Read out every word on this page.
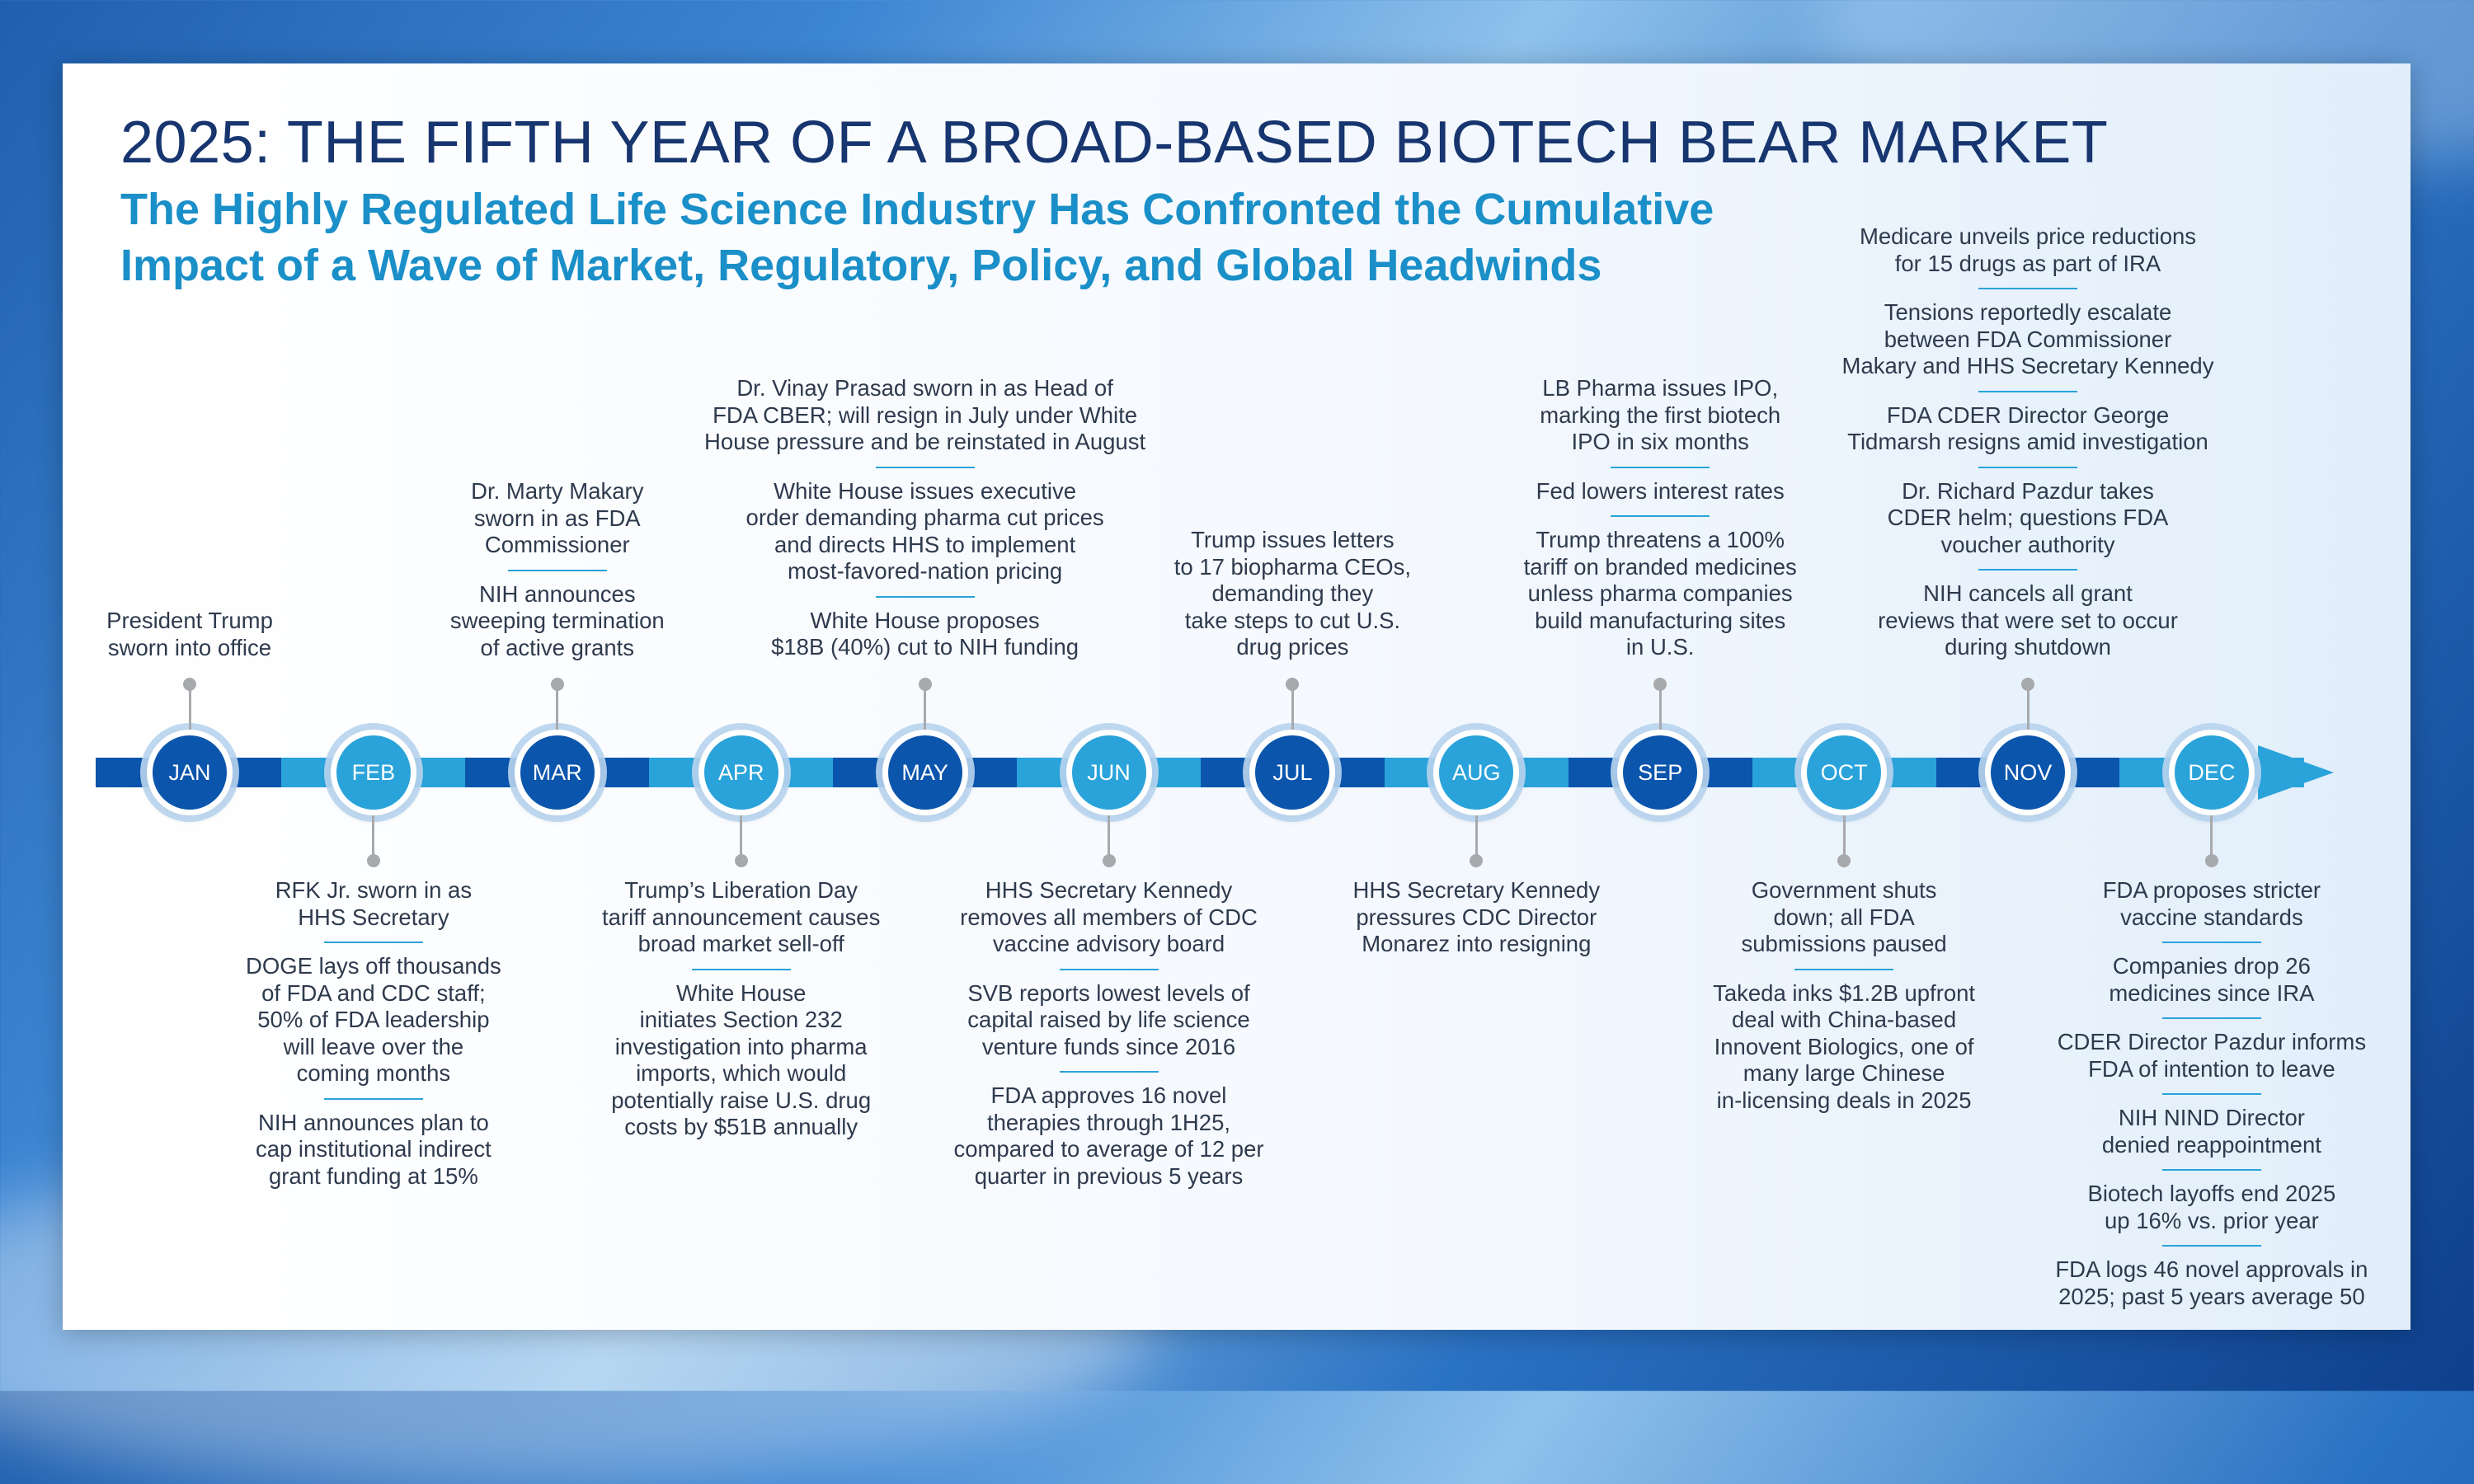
2025: THE FIFTH YEAR OF A BROAD-BASED BIOTECH BEAR MARKET
The Highly Regulated Life Science Industry Has Confronted the Cumulative
Impact of a Wave of Market, Regulatory, Policy, and Global Headwinds
JAN
President Trump
sworn into office
FEB
RFK Jr. sworn in as
HHS Secretary
DOGE lays off thousands
of FDA and CDC staff;
50% of FDA leadership
will leave over the
coming months
NIH announces plan to
cap institutional indirect
grant funding at 15%
MAR
Dr. Marty Makary
sworn in as FDA
Commissioner
NIH announces
sweeping termination
of active grants
APR
Trump’s Liberation Day
tariff announcement causes
broad market sell-off
White House
initiates Section 232
investigation into pharma
imports, which would
potentially raise U.S. drug
costs by $51B annually
MAY
Dr. Vinay Prasad sworn in as Head of
FDA CBER; will resign in July under White
House pressure and be reinstated in August
White House issues executive
order demanding pharma cut prices
and directs HHS to implement
most-favored-nation pricing
White House proposes
$18B (40%) cut to NIH funding
JUN
HHS Secretary Kennedy
removes all members of CDC
vaccine advisory board
SVB reports lowest levels of
capital raised by life science
venture funds since 2016
FDA approves 16 novel
therapies through 1H25,
compared to average of 12 per
quarter in previous 5 years
JUL
Trump issues letters
to 17 biopharma CEOs,
demanding they
take steps to cut U.S.
drug prices
AUG
HHS Secretary Kennedy
pressures CDC Director
Monarez into resigning
SEP
LB Pharma issues IPO,
marking the first biotech
IPO in six months
Fed lowers interest rates
Trump threatens a 100%
tariff on branded medicines
unless pharma companies
build manufacturing sites
in U.S.
OCT
Government shuts
down; all FDA
submissions paused
Takeda inks $1.2B upfront
deal with China-based
Innovent Biologics, one of
many large Chinese
in-licensing deals in 2025
NOV
Medicare unveils price reductions
for 15 drugs as part of IRA
Tensions reportedly escalate
between FDA Commissioner
Makary and HHS Secretary Kennedy
FDA CDER Director George
Tidmarsh resigns amid investigation
Dr. Richard Pazdur takes
CDER helm; questions FDA
voucher authority
NIH cancels all grant
reviews that were set to occur
during shutdown
DEC
FDA proposes stricter
vaccine standards
Companies drop 26
medicines since IRA
CDER Director Pazdur informs
FDA of intention to leave
NIH NIND Director
denied reappointment
Biotech layoffs end 2025
up 16% vs. prior year
FDA logs 46 novel approvals in
2025; past 5 years average 50
